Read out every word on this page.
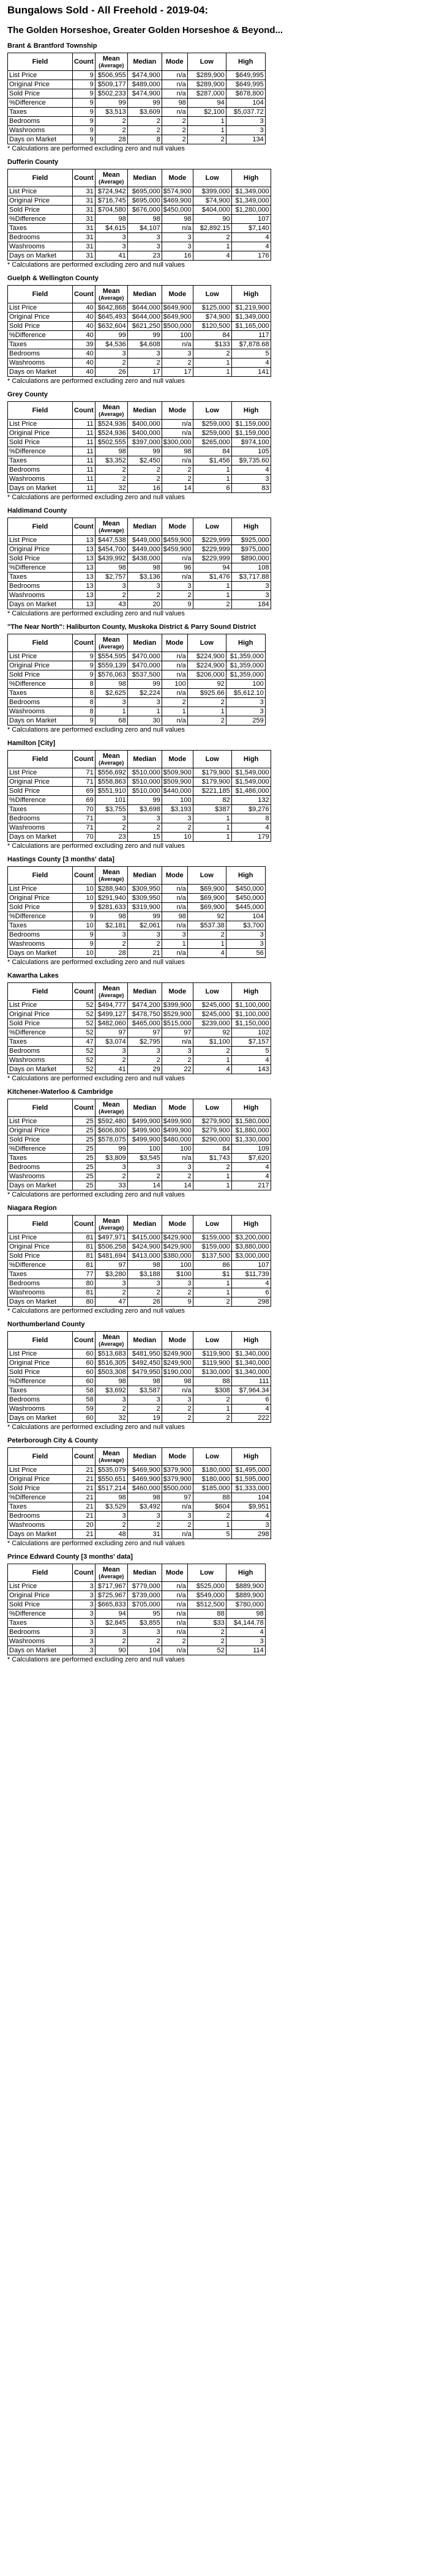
Bungalows Sold - All Freehold - 2019-04:
The Golden Horseshoe, Greater Golden Horseshoe & Beyond...
Brant & Brantford Township
Field	Count	Mean
(Average)	Median	Mode	Low	High
List Price	9	$506,955	$474,900	n/a	$289,900	$649,995
Original Price	9	$509,177	$489,000	n/a	$289,900	$649,995
Sold Price	9	$502,233	$474,900	n/a	$287,000	$678,800
%Difference	9	99	99	98	94	104
Taxes	9	$3,513	$3,609	n/a	$2,100	$5,037.72
Bedrooms	9	2	2	2	1	3
Washrooms	9	2	2	2	1	3
Days on Market	9	28	8	2	2	134
* Calculations are performed excluding zero and null values
Dufferin County
Field	Count	Mean
(Average)	Median	Mode	Low	High
List Price	31	$724,942	$695,000	$574,900	$399,000	$1,349,000
Original Price	31	$716,745	$695,000	$469,900	$74,900	$1,349,000
Sold Price	31	$704,580	$676,000	$450,000	$404,000	$1,280,000
%Difference	31	98	98	98	90	107
Taxes	31	$4,615	$4,107	n/a	$2,892.15	$7,140
Bedrooms	31	3	3	3	2	4
Washrooms	31	3	3	3	1	4
Days on Market	31	41	23	16	4	176
* Calculations are performed excluding zero and null values
Guelph & Wellington County
Field	Count	Mean
(Average)	Median	Mode	Low	High
List Price	40	$642,868	$644,000	$649,900	$125,000	$1,219,900
Original Price	40	$645,493	$644,000	$649,900	$74,900	$1,349,000
Sold Price	40	$632,604	$621,250	$500,000	$120,500	$1,165,000
%Difference	40	99	99	100	84	117
Taxes	39	$4,536	$4,608	n/a	$133	$7,878.68
Bedrooms	40	3	3	3	2	5
Washrooms	40	2	2	2	1	4
Days on Market	40	26	17	17	1	141
* Calculations are performed excluding zero and null values
Grey County
Field	Count	Mean
(Average)	Median	Mode	Low	High
List Price	11	$524,936	$400,000	n/a	$259,000	$1,159,000
Original Price	11	$524,936	$400,000	n/a	$259,000	$1,159,000
Sold Price	11	$502,555	$397,000	$300,000	$265,000	$974,100
%Difference	11	98	99	98	84	105
Taxes	11	$3,352	$2,450	n/a	$1,456	$9,735.60
Bedrooms	11	2	2	2	1	4
Washrooms	11	2	2	2	1	3
Days on Market	11	32	16	14	6	83
* Calculations are performed excluding zero and null values
Haldimand County
Field	Count	Mean
(Average)	Median	Mode	Low	High
List Price	13	$447,538	$449,000	$459,900	$229,999	$925,000
Original Price	13	$454,700	$449,000	$459,900	$229,999	$975,000
Sold Price	13	$439,992	$438,000	n/a	$229,999	$890,000
%Difference	13	98	98	96	94	108
Taxes	13	$2,757	$3,136	n/a	$1,476	$3,717.88
Bedrooms	13	3	3	3	1	3
Washrooms	13	2	2	2	1	3
Days on Market	13	43	20	9	2	184
* Calculations are performed excluding zero and null values
"The Near North": Haliburton County, Muskoka District & Parry Sound District
Field	Count	Mean
(Average)	Median	Mode	Low	High
List Price	9	$554,595	$470,000	n/a	$224,900	$1,359,000
Original Price	9	$559,139	$470,000	n/a	$224,900	$1,359,000
Sold Price	9	$576,063	$537,500	n/a	$206,000	$1,359,000
%Difference	8	98	99	100	92	100
Taxes	8	$2,625	$2,224	n/a	$925.66	$5,612.10
Bedrooms	8	3	3	2	2	3
Washrooms	8	1	1	1	1	3
Days on Market	9	68	30	n/a	2	259
* Calculations are performed excluding zero and null values
Hamilton [City]
Field	Count	Mean
(Average)	Median	Mode	Low	High
List Price	71	$556,692	$510,000	$509,900	$179,900	$1,549,000
Original Price	71	$558,863	$510,000	$509,900	$179,900	$1,549,000
Sold Price	69	$551,910	$510,000	$440,000	$221,185	$1,486,000
%Difference	69	101	99	100	82	132
Taxes	70	$3,755	$3,698	$3,193	$387	$9,276
Bedrooms	71	3	3	3	1	8
Washrooms	71	2	2	2	1	4
Days on Market	70	23	15	10	1	179
* Calculations are performed excluding zero and null values
Hastings County [3 months' data]
Field	Count	Mean
(Average)	Median	Mode	Low	High
List Price	10	$288,940	$309,950	n/a	$69,900	$450,000
Original Price	10	$291,940	$309,950	n/a	$69,900	$450,000
Sold Price	9	$281,633	$319,900	n/a	$69,900	$445,000
%Difference	9	98	99	98	92	104
Taxes	10	$2,181	$2,061	n/a	$537.38	$3,700
Bedrooms	9	3	3	3	2	3
Washrooms	9	2	2	1	1	3
Days on Market	10	28	21	n/a	4	56
* Calculations are performed excluding zero and null values
Kawartha Lakes
Field	Count	Mean
(Average)	Median	Mode	Low	High
List Price	52	$494,777	$474,200	$399,900	$245,000	$1,100,000
Original Price	52	$499,127	$478,750	$529,900	$245,000	$1,100,000
Sold Price	52	$482,060	$465,000	$515,000	$239,000	$1,150,000
%Difference	52	97	97	97	92	102
Taxes	47	$3,074	$2,795	n/a	$1,100	$7,157
Bedrooms	52	3	3	3	2	5
Washrooms	52	2	2	2	1	4
Days on Market	52	41	29	22	4	143
* Calculations are performed excluding zero and null values
Kitchener-Waterloo & Cambridge
Field	Count	Mean
(Average)	Median	Mode	Low	High
List Price	25	$592,480	$499,900	$499,900	$279,900	$1,580,000
Original Price	25	$606,800	$499,900	$499,900	$279,900	$1,880,000
Sold Price	25	$578,075	$499,900	$480,000	$290,000	$1,330,000
%Difference	25	99	100	100	84	109
Taxes	25	$3,809	$3,545	n/a	$1,743	$7,620
Bedrooms	25	3	3	3	2	4
Washrooms	25	2	2	2	1	4
Days on Market	25	33	14	14	1	217
* Calculations are performed excluding zero and null values
Niagara Region
Field	Count	Mean
(Average)	Median	Mode	Low	High
List Price	81	$497,971	$415,000	$429,900	$159,000	$3,200,000
Original Price	81	$506,258	$424,900	$429,900	$159,000	$3,880,000
Sold Price	81	$481,694	$413,000	$380,000	$137,500	$3,000,000
%Difference	81	97	98	100	86	107
Taxes	77	$3,280	$3,188	$100	$1	$11,739
Bedrooms	80	3	3	3	1	4
Washrooms	81	2	2	2	1	6
Days on Market	80	47	26	9	2	298
* Calculations are performed excluding zero and null values
Northumberland County
Field	Count	Mean
(Average)	Median	Mode	Low	High
List Price	60	$513,683	$481,950	$249,900	$119,900	$1,340,000
Original Price	60	$516,305	$492,450	$249,900	$119,900	$1,340,000
Sold Price	60	$503,308	$479,950	$190,000	$130,000	$1,340,000
%Difference	60	98	98	98	88	111
Taxes	58	$3,692	$3,587	n/a	$308	$7,964.34
Bedrooms	58	3	3	3	2	6
Washrooms	59	2	2	2	1	4
Days on Market	60	32	19	2	2	222
* Calculations are performed excluding zero and null values
Peterborough City & County
Field	Count	Mean
(Average)	Median	Mode	Low	High
List Price	21	$535,079	$469,900	$379,900	$180,000	$1,495,000
Original Price	21	$550,651	$469,900	$379,900	$180,000	$1,595,000
Sold Price	21	$517,214	$460,000	$500,000	$185,000	$1,333,000
%Difference	21	98	98	97	88	104
Taxes	21	$3,529	$3,492	n/a	$604	$9,951
Bedrooms	21	3	3	3	2	4
Washrooms	20	2	2	2	1	3
Days on Market	21	48	31	n/a	5	298
* Calculations are performed excluding zero and null values
Prince Edward County [3 months' data]
Field	Count	Mean
(Average)	Median	Mode	Low	High
List Price	3	$717,967	$779,000	n/a	$525,000	$889,900
Original Price	3	$725,967	$739,000	n/a	$549,000	$889,900
Sold Price	3	$665,833	$705,000	n/a	$512,500	$780,000
%Difference	3	94	95	n/a	88	98
Taxes	3	$2,845	$3,855	n/a	$33	$4,144.78
Bedrooms	3	3	3	n/a	2	4
Washrooms	3	2	2	2	2	3
Days on Market	3	90	104	n/a	52	114
* Calculations are performed excluding zero and null values
